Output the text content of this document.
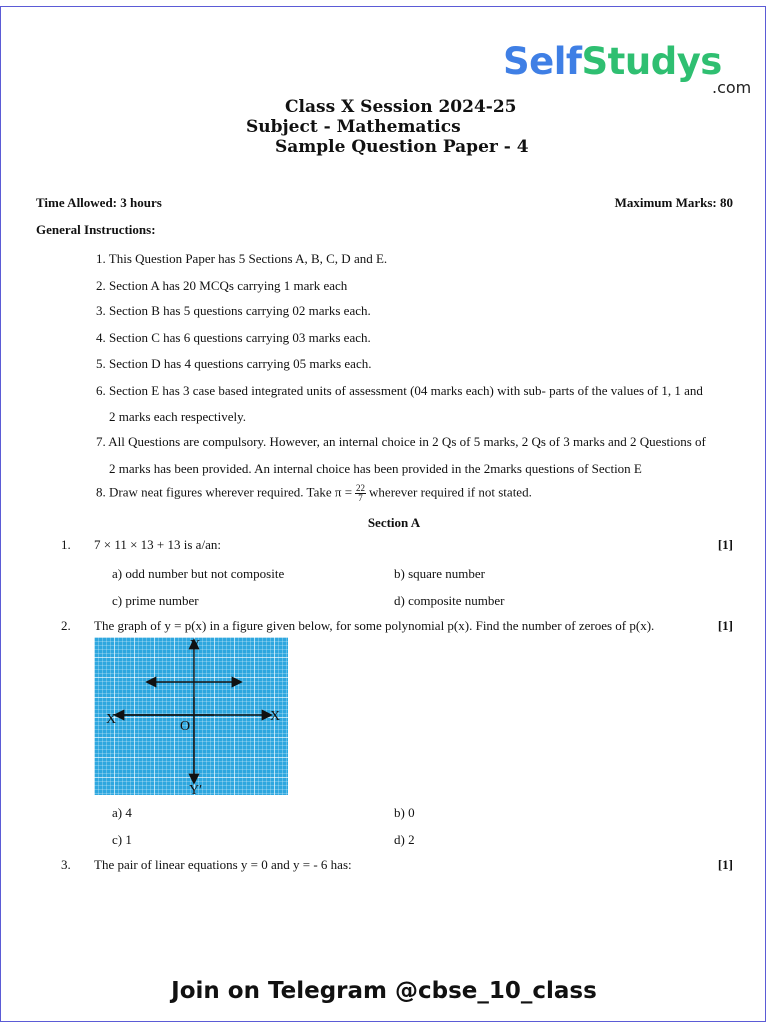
SelfStudys
.com
Class X Session 2024-25
Subject - Mathematics
Sample Question Paper - 4
Time Allowed: 3 hours	Maximum Marks: 80
General Instructions:
1. This Question Paper has 5 Sections A, B, C, D and E.
2. Section A has 20 MCQs carrying 1 mark each
3. Section B has 5 questions carrying 02 marks each.
4. Section C has 6 questions carrying 03 marks each.
5. Section D has 4 questions carrying 05 marks each.
6. Section E has 3 case based integrated units of assessment (04 marks each) with sub- parts of the values of 1, 1 and
2 marks each respectively.
7. All Questions are compulsory. However, an internal choice in 2 Qs of 5 marks, 2 Qs of 3 marks and 2 Questions of
2 marks has been provided. An internal choice has been provided in the 2marks questions of Section E
8. Draw neat figures wherever required. Take $\pi = \frac{22}{7}$ wherever required if not stated.
Section A
1. 7 × 11 × 13 + 13 is a/an:	[1]
a) odd number but not composite	b) square number
c) prime number	d) composite number
2. The graph of y = p(x) in a figure given below, for some polynomial p(x). Find the number of zeroes of p(x).	[1]
Y
Y′
X
X′	O
a) 4	b) 0
c) 1	d) 2
3. The pair of linear equations y = 0 and y = - 6 has:	[1]
Join on Telegram @cbse_10_class
